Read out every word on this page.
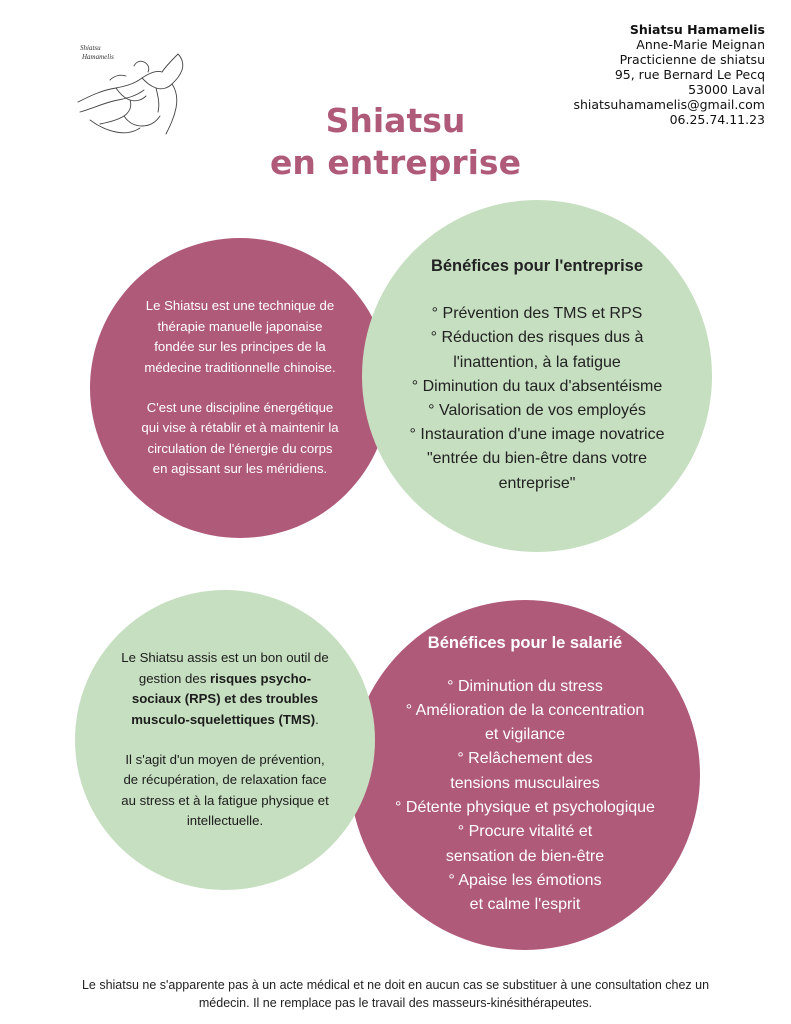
Shiatsu
Hamamelis
Shiatsu Hamamelis
Anne-Marie Meignan
Practicienne de shiatsu
95, rue Bernard Le Pecq
53000 Laval
shiatsuhamamelis@gmail.com
06.25.74.11.23
Shiatsu
en entreprise
Le Shiatsu est une technique de
thérapie manuelle japonaise
fondée sur les principes de la
médecine traditionnelle chinoise.
C'est une discipline énergétique
qui vise à rétablir et à maintenir la
circulation de l'énergie du corps
en agissant sur les méridiens.
Bénéfices pour l'entreprise
° Prévention des TMS et RPS
° Réduction des risques dus à
l'inattention, à la fatigue
° Diminution du taux d'absentéisme
° Valorisation de vos employés
° Instauration d'une image novatrice
"entrée du bien-être dans votre
entreprise"
Le Shiatsu assis est un bon outil de
gestion des risques psycho-
sociaux (RPS) et des troubles
musculo-squelettiques (TMS).
Il s'agit d'un moyen de prévention,
de récupération, de relaxation face
au stress et à la fatigue physique et
intellectuelle.
Bénéfices pour le salarié
° Diminution du stress
° Amélioration de la concentration
et vigilance
° Relâchement des
tensions musculaires
° Détente physique et psychologique
° Procure vitalité et
sensation de bien-être
° Apaise les émotions
et calme l'esprit
Le shiatsu ne s'apparente pas à un acte médical et ne doit en aucun cas se substituer à une consultation chez un
médecin. Il ne remplace pas le travail des masseurs-kinésithérapeutes.
